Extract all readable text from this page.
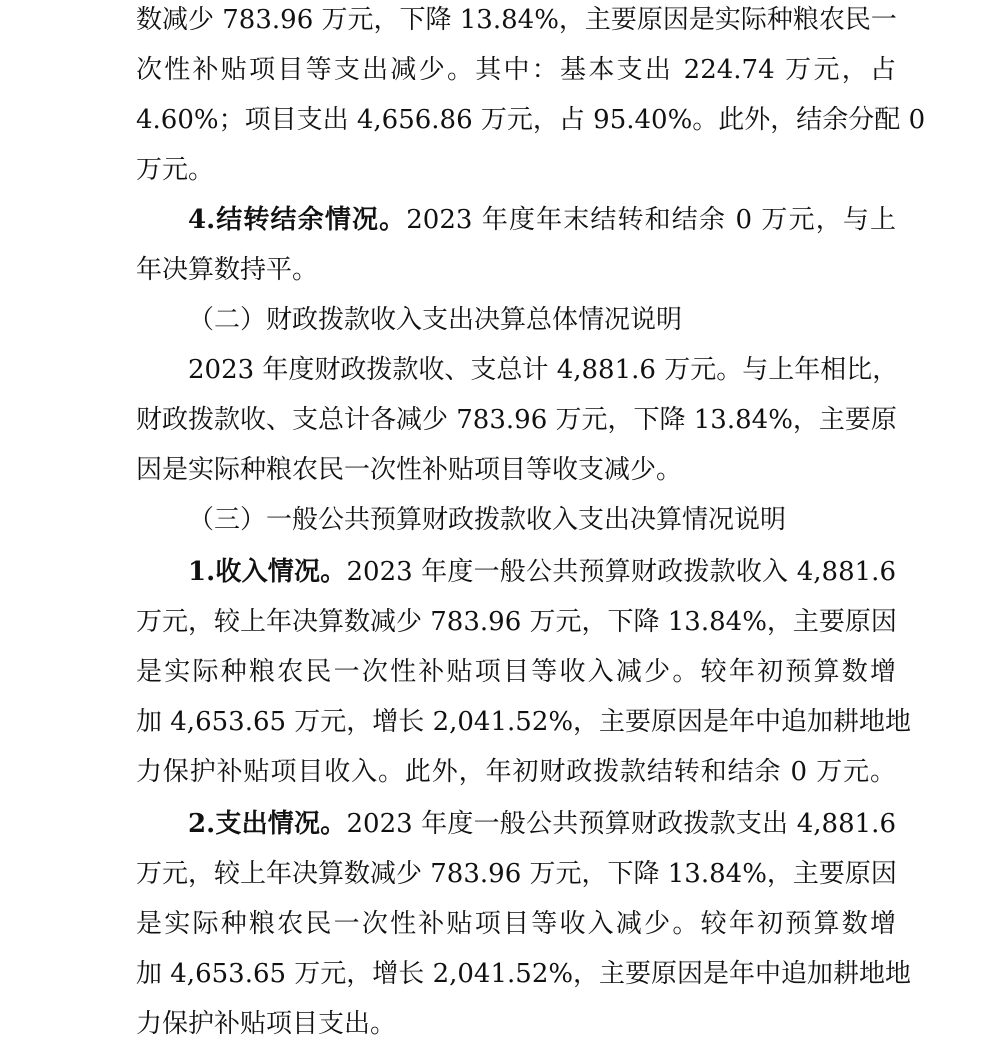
数减少 783.96 万元，下降 13.84%，主要原因是实际种粮农民一
次性补贴项目等支出减少。其中：基本支出 224.74 万元，占
4.60%；项目支出 4,656.86 万元，占 95.40%。此外，结余分配 0
万元。
4.结转结余情况。2023 年度年末结转和结余 0 万元，与上
年决算数持平。
（二）财政拨款收入支出决算总体情况说明
2023 年度财政拨款收、支总计 4,881.6 万元。与上年相比，
财政拨款收、支总计各减少 783.96 万元，下降 13.84%，主要原
因是实际种粮农民一次性补贴项目等收支减少。
（三）一般公共预算财政拨款收入支出决算情况说明
1.收入情况。2023 年度一般公共预算财政拨款收入 4,881.6
万元，较上年决算数减少 783.96 万元，下降 13.84%，主要原因
是实际种粮农民一次性补贴项目等收入减少。较年初预算数增
加 4,653.65 万元，增长 2,041.52%，主要原因是年中追加耕地地
力保护补贴项目收入。此外，年初财政拨款结转和结余 0 万元。
2.支出情况。2023 年度一般公共预算财政拨款支出 4,881.6
万元，较上年决算数减少 783.96 万元，下降 13.84%，主要原因
是实际种粮农民一次性补贴项目等收入减少。较年初预算数增
加 4,653.65 万元，增长 2,041.52%，主要原因是年中追加耕地地
力保护补贴项目支出。
